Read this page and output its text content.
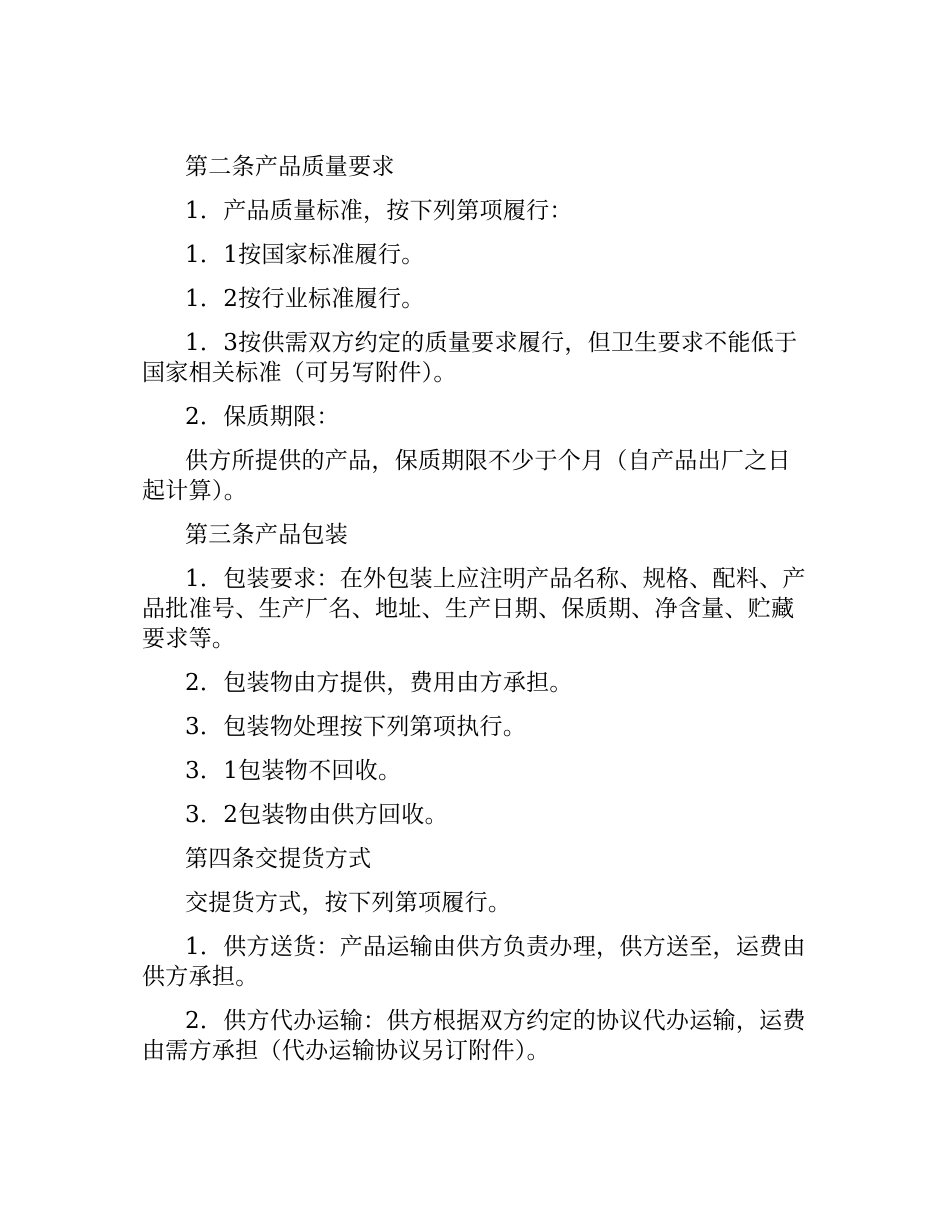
第二条产品质量要求

1．产品质量标准，按下列第项履行：

1．1按国家标准履行。

1．2按行业标准履行。

1．3按供需双方约定的质量要求履行，但卫生要求不能低于国家相关标准（可另写附件）。

2．保质期限：

供方所提供的产品，保质期限不少于个月（自产品出厂之日起计算）。

第三条产品包装

1．包装要求：在外包装上应注明产品名称、规格、配料、产品批准号、生产厂名、地址、生产日期、保质期、净含量、贮藏要求等。

2．包装物由方提供，费用由方承担。

3．包装物处理按下列第项执行。

3．1包装物不回收。

3．2包装物由供方回收。

第四条交提货方式

交提货方式，按下列第项履行。

1．供方送货：产品运输由供方负责办理，供方送至，运费由供方承担。

2．供方代办运输：供方根据双方约定的协议代办运输，运费由需方承担（代办运输协议另订附件）。
